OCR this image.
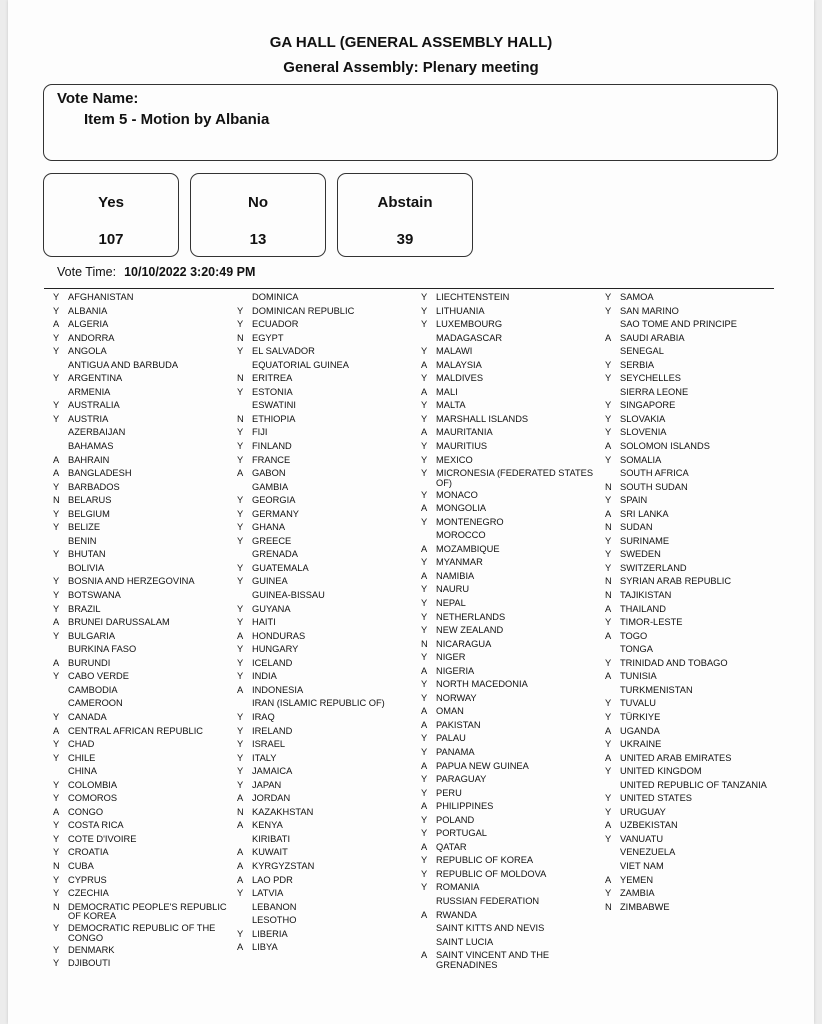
GA HALL (GENERAL ASSEMBLY HALL)
General Assembly: Plenary meeting
Vote Name:
Item 5 - Motion by Albania
Yes
107
No
13
Abstain
39
Vote Time: 10/10/2022 3:20:49 PM
Y AFGHANISTAN
Y ALBANIA
A ALGERIA
Y ANDORRA
Y ANGOLA
ANTIGUA AND BARBUDA
Y ARGENTINA
ARMENIA
Y AUSTRALIA
Y AUSTRIA
AZERBAIJAN
BAHAMAS
A BAHRAIN
A BANGLADESH
Y BARBADOS
N BELARUS
Y BELGIUM
Y BELIZE
BENIN
Y BHUTAN
BOLIVIA
Y BOSNIA AND HERZEGOVINA
Y BOTSWANA
Y BRAZIL
A BRUNEI DARUSSALAM
Y BULGARIA
BURKINA FASO
A BURUNDI
Y CABO VERDE
CAMBODIA
CAMEROON
Y CANADA
A CENTRAL AFRICAN REPUBLIC
Y CHAD
Y CHILE
CHINA
Y COLOMBIA
Y COMOROS
A CONGO
Y COSTA RICA
Y COTE D'IVOIRE
Y CROATIA
N CUBA
Y CYPRUS
Y CZECHIA
N DEMOCRATIC PEOPLE'S REPUBLIC OF KOREA
Y DEMOCRATIC REPUBLIC OF THE CONGO
Y DENMARK
Y DJIBOUTI
DOMINICA
Y DOMINICAN REPUBLIC
Y ECUADOR
N EGYPT
Y EL SALVADOR
EQUATORIAL GUINEA
N ERITREA
Y ESTONIA
ESWATINI
N ETHIOPIA
Y FIJI
Y FINLAND
Y FRANCE
A GABON
GAMBIA
Y GEORGIA
Y GERMANY
Y GHANA
Y GREECE
GRENADA
Y GUATEMALA
Y GUINEA
GUINEA-BISSAU
Y GUYANA
Y HAITI
A HONDURAS
Y HUNGARY
Y ICELAND
Y INDIA
A INDONESIA
IRAN (ISLAMIC REPUBLIC OF)
Y IRAQ
Y IRELAND
Y ISRAEL
Y ITALY
Y JAMAICA
Y JAPAN
A JORDAN
N KAZAKHSTAN
A KENYA
KIRIBATI
A KUWAIT
A KYRGYZSTAN
A LAO PDR
Y LATVIA
LEBANON
LESOTHO
Y LIBERIA
A LIBYA
Y LIECHTENSTEIN
Y LITHUANIA
Y LUXEMBOURG
MADAGASCAR
Y MALAWI
A MALAYSIA
Y MALDIVES
A MALI
Y MALTA
Y MARSHALL ISLANDS
A MAURITANIA
Y MAURITIUS
Y MEXICO
Y MICRONESIA (FEDERATED STATES OF)
Y MONACO
A MONGOLIA
Y MONTENEGRO
MOROCCO
A MOZAMBIQUE
Y MYANMAR
A NAMIBIA
Y NAURU
Y NEPAL
Y NETHERLANDS
Y NEW ZEALAND
N NICARAGUA
Y NIGER
A NIGERIA
Y NORTH MACEDONIA
Y NORWAY
A OMAN
A PAKISTAN
Y PALAU
Y PANAMA
A PAPUA NEW GUINEA
Y PARAGUAY
Y PERU
A PHILIPPINES
Y POLAND
Y PORTUGAL
A QATAR
Y REPUBLIC OF KOREA
Y REPUBLIC OF MOLDOVA
Y ROMANIA
RUSSIAN FEDERATION
A RWANDA
SAINT KITTS AND NEVIS
SAINT LUCIA
A SAINT VINCENT AND THE GRENADINES
Y SAMOA
Y SAN MARINO
SAO TOME AND PRINCIPE
A SAUDI ARABIA
SENEGAL
Y SERBIA
Y SEYCHELLES
SIERRA LEONE
Y SINGAPORE
Y SLOVAKIA
Y SLOVENIA
A SOLOMON ISLANDS
Y SOMALIA
SOUTH AFRICA
N SOUTH SUDAN
Y SPAIN
A SRI LANKA
N SUDAN
Y SURINAME
Y SWEDEN
Y SWITZERLAND
N SYRIAN ARAB REPUBLIC
N TAJIKISTAN
A THAILAND
Y TIMOR-LESTE
A TOGO
TONGA
Y TRINIDAD AND TOBAGO
A TUNISIA
TURKMENISTAN
Y TUVALU
Y TÜRKIYE
A UGANDA
Y UKRAINE
A UNITED ARAB EMIRATES
Y UNITED KINGDOM
UNITED REPUBLIC OF TANZANIA
Y UNITED STATES
Y URUGUAY
A UZBEKISTAN
Y VANUATU
VENEZUELA
VIET NAM
A YEMEN
Y ZAMBIA
N ZIMBABWE
